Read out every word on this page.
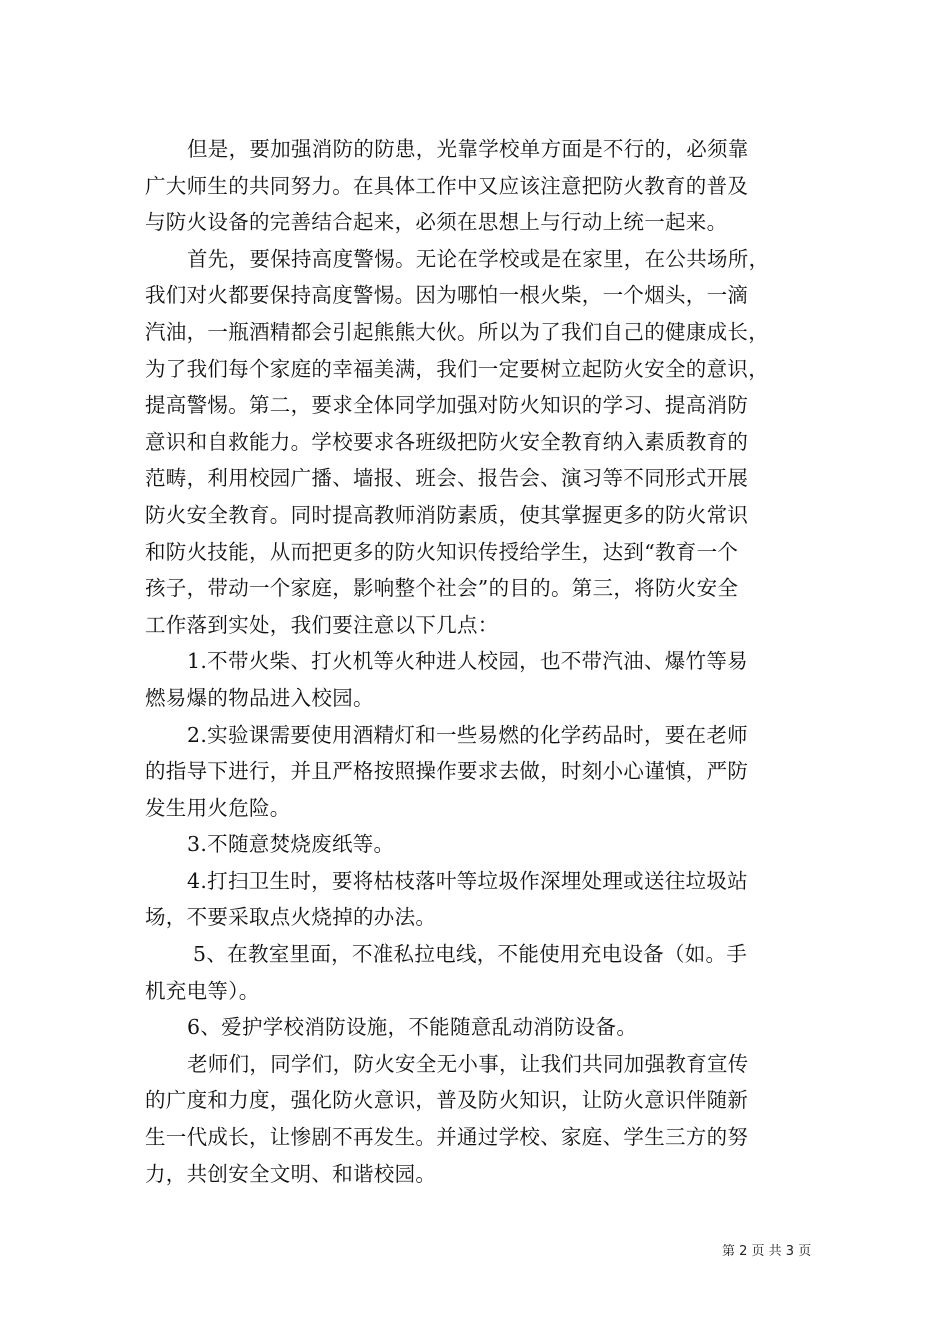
但是，要加强消防的防患，光靠学校单方面是不行的，必须靠
广大师生的共同努力。在具体工作中又应该注意把防火教育的普及
与防火设备的完善结合起来，必须在思想上与行动上统一起来。
首先，要保持高度警惕。无论在学校或是在家里，在公共场所，
我们对火都要保持高度警惕。因为哪怕一根火柴，一个烟头，一滴
汽油，一瓶酒精都会引起熊熊大伙。所以为了我们自己的健康成长，
为了我们每个家庭的幸福美满，我们一定要树立起防火安全的意识，
提高警惕。第二，要求全体同学加强对防火知识的学习、提高消防
意识和自救能力。学校要求各班级把防火安全教育纳入素质教育的
范畴，利用校园广播、墙报、班会、报告会、演习等不同形式开展
防火安全教育。同时提高教师消防素质，使其掌握更多的防火常识
和防火技能，从而把更多的防火知识传授给学生，达到“教育一个
孩子，带动一个家庭，影响整个社会”的目的。第三，将防火安全
工作落到实处，我们要注意以下几点：
1.不带火柴、打火机等火种进人校园，也不带汽油、爆竹等易
燃易爆的物品进入校园。
2.实验课需要使用酒精灯和一些易燃的化学药品时，要在老师
的指导下进行，并且严格按照操作要求去做，时刻小心谨慎，严防
发生用火危险。
3.不随意焚烧废纸等。
4.打扫卫生时，要将枯枝落叶等垃圾作深埋处理或送往垃圾站
场，不要采取点火烧掉的办法。
5、在教室里面，不准私拉电线，不能使用充电设备（如。手
机充电等）。
6、爱护学校消防设施，不能随意乱动消防设备。
老师们，同学们，防火安全无小事，让我们共同加强教育宣传
的广度和力度，强化防火意识，普及防火知识，让防火意识伴随新
生一代成长，让惨剧不再发生。并通过学校、家庭、学生三方的努
力，共创安全文明、和谐校园。
第 2 页 共 3 页
